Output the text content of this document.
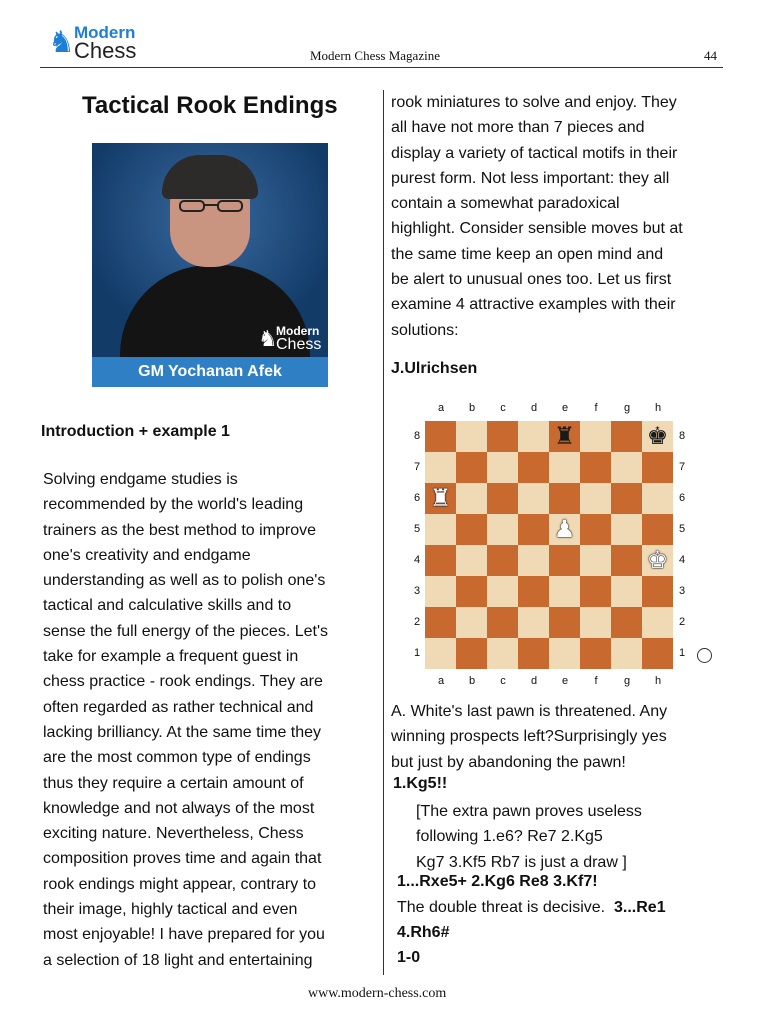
♞ Modern
Chess	Modern Chess Magazine	44
Tactical Rook Endings
♞
Modern
Chess
GM Yochanan Afek
Introduction + example 1
Solving endgame studies is
recommended by the world's leading
trainers as the best method to improve
one's creativity and endgame
understanding as well as to polish one's
tactical and calculative skills and to
sense the full energy of the pieces. Let's
take for example a frequent guest in
chess practice - rook endings. They are
often regarded as rather technical and
lacking brilliancy. At the same time they
are the most common type of endings
thus they require a certain amount of
knowledge and not always of the most
exciting nature. Nevertheless, Chess
composition proves time and again that
rook endings might appear, contrary to
their image, highly tactical and even
most enjoyable! I have prepared for you
a selection of 18 light and entertaining
rook miniatures to solve and enjoy. They
all have not more than 7 pieces and
display a variety of tactical motifs in their
purest form. Not less important: they all
contain a somewhat paradoxical
highlight. Consider sensible moves but at
the same time keep an open mind and
be alert to unusual ones too. Let us first
examine 4 attractive examples with their
solutions:
J.Ulrichsen
♜	♚
♜
♟
♚
a
a
b
b
c
c
d
d
e
e
f
f
g
g
h
h
8	8
7	7
6	6
5	5
4	4
3	3
2	2
1	1
A. White's last pawn is threatened. Any
winning prospects left?Surprisingly yes
but just by abandoning the pawn!
1.Kg5!!
[The extra pawn proves useless
following 1.e6? Re7 2.Kg5
Kg7 3.Kf5 Rb7 is just a draw ]
1...Rxe5+ 2.Kg6 Re8 3.Kf7!
The double threat is decisive. 3...Re1
4.Rh6#
1-0
www.modern-chess.com
